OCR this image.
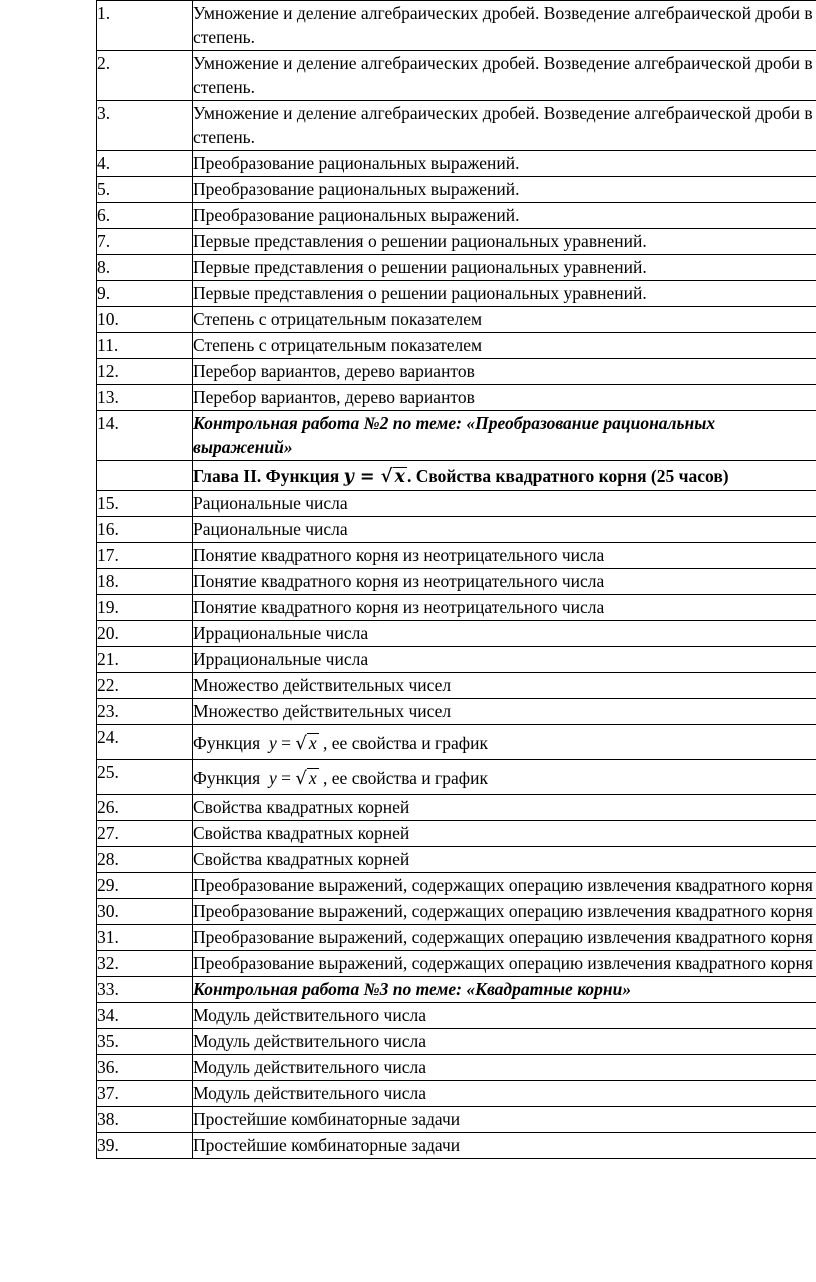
1.	Умножение и деление алгебраических дробей. Возведение алгебраической дроби в степень.
2.	Умножение и деление алгебраических дробей. Возведение алгебраической дроби в степень.
3.	Умножение и деление алгебраических дробей. Возведение алгебраической дроби в степень.
4.	Преобразование рациональных выражений.
5.	Преобразование рациональных выражений.
6.	Преобразование рациональных выражений.
7.	Первые представления о решении рациональных уравнений.
8.	Первые представления о решении рациональных уравнений.
9.	Первые представления о решении рациональных уравнений.
10.	Степень с отрицательным показателем
11.	Степень с отрицательным показателем
12.	Перебор вариантов, дерево вариантов
13.	Перебор вариантов, дерево вариантов
14.	Контрольная работа №2 по теме: «Преобразование рациональных
выражений»

	Глава II. Функция y = √ x . Свойства квадратного корня (25 часов)
15.	Рациональные числа
16.	Рациональные числа
17.	Понятие квадратного корня из неотрицательного числа
18.	Понятие квадратного корня из неотрицательного числа
19.	Понятие квадратного корня из неотрицательного числа
20.	Иррациональные числа
21.	Иррациональные числа
22.	Множество действительных чисел
23.	Множество действительных чисел
24.	Функция  y = √ x , ее свойства и график
25.	Функция  y = √ x , ее свойства и график
26.	Свойства квадратных корней
27.	Свойства квадратных корней
28.	Свойства квадратных корней
29.	Преобразование выражений, содержащих операцию извлечения квадратного корня
30.	Преобразование выражений, содержащих операцию извлечения квадратного корня
31.	Преобразование выражений, содержащих операцию извлечения квадратного корня
32.	Преобразование выражений, содержащих операцию извлечения квадратного корня
33.	Контрольная работа №3 по теме: «Квадратные корни»
34.	Модуль действительного числа
35.	Модуль действительного числа
36.	Модуль действительного числа
37.	Модуль действительного числа
38.	Простейшие комбинаторные задачи
39.	Простейшие комбинаторные задачи
